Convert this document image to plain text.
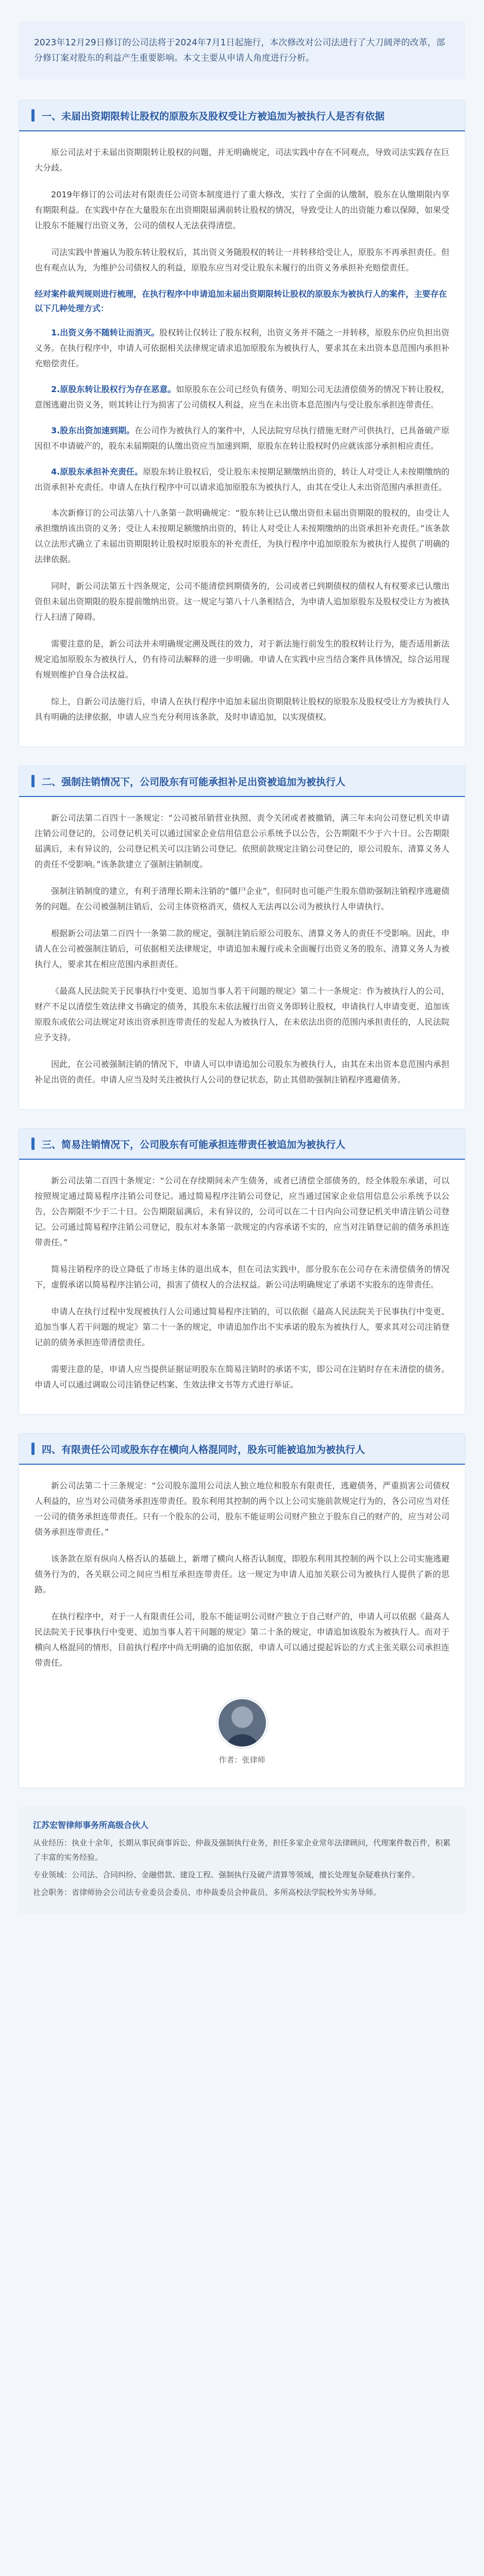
2023年12月29日修订的公司法将于2024年7月1日起施行，本次修改对公司法进行了大刀阔斧的改革，部分修订案对股东的利益产生重要影响。本文主要从申请人角度进行分析。
一、未届出资期限转让股权的原股东及股权受让方被追加为被执行人是否有依据

原公司法对于未届出资期限转让股权的问题，并无明确规定，司法实践中存在不同观点，导致司法实践存在巨大分歧。

2019年修订的公司法对有限责任公司资本制度进行了重大修改，实行了全面的认缴制，股东在认缴期限内享有期限利益。在实践中存在大量股东在出资期限届满前转让股权的情况，导致受让人的出资能力难以保障，如果受让股东不能履行出资义务，公司的债权人无法获得清偿。

司法实践中普遍认为股东转让股权后，其出资义务随股权的转让一并转移给受让人，原股东不再承担责任。但也有观点认为，为维护公司债权人的利益，原股东应当对受让股东未履行的出资义务承担补充赔偿责任。

经对案件裁判规则进行梳理，在执行程序中申请追加未届出资期限转让股权的原股东为被执行人的案件，主要存在以下几种处理方式：

1.出资义务不随转让而消灭。股权转让仅转让了股东权利，出资义务并不随之一并转移，原股东仍应负担出资义务。在执行程序中，申请人可依据相关法律规定请求追加原股东为被执行人，要求其在未出资本息范围内承担补充赔偿责任。

2.原股东转让股权行为存在恶意。如原股东在公司已经负有债务、明知公司无法清偿债务的情况下转让股权，意图逃避出资义务，则其转让行为损害了公司债权人利益，应当在未出资本息范围内与受让股东承担连带责任。

3.股东出资加速到期。在公司作为被执行人的案件中，人民法院穷尽执行措施无财产可供执行，已具备破产原因但不申请破产的，股东未届期限的认缴出资应当加速到期，原股东在转让股权时仍应就该部分承担相应责任。

4.原股东承担补充责任。原股东转让股权后，受让股东未按期足额缴纳出资的，转让人对受让人未按期缴纳的出资承担补充责任。申请人在执行程序中可以请求追加原股东为被执行人，由其在受让人未出资范围内承担责任。

本次新修订的公司法第八十八条第一款明确规定：“股东转让已认缴出资但未届出资期限的股权的，由受让人承担缴纳该出资的义务；受让人未按期足额缴纳出资的，转让人对受让人未按期缴纳的出资承担补充责任。”该条款以立法形式确立了未届出资期限转让股权时原股东的补充责任，为执行程序中追加原股东为被执行人提供了明确的法律依据。

同时，新公司法第五十四条规定，公司不能清偿到期债务的，公司或者已到期债权的债权人有权要求已认缴出资但未届出资期限的股东提前缴纳出资。这一规定与第八十八条相结合，为申请人追加原股东及股权受让方为被执行人扫清了障碍。

需要注意的是，新公司法并未明确规定溯及既往的效力，对于新法施行前发生的股权转让行为，能否适用新法规定追加原股东为被执行人，仍有待司法解释的进一步明确。申请人在实践中应当结合案件具体情况，综合运用现有规则维护自身合法权益。

综上，自新公司法施行后，申请人在执行程序中追加未届出资期限转让股权的原股东及股权受让方为被执行人具有明确的法律依据，申请人应当充分利用该条款，及时申请追加，以实现债权。

二、强制注销情况下，公司股东有可能承担补足出资被追加为被执行人

新公司法第二百四十一条规定：“公司被吊销营业执照、责令关闭或者被撤销，满三年未向公司登记机关申请注销公司登记的，公司登记机关可以通过国家企业信用信息公示系统予以公告，公告期限不少于六十日。公告期限届满后，未有异议的，公司登记机关可以注销公司登记。依照前款规定注销公司登记的，原公司股东、清算义务人的责任不受影响。”该条款建立了强制注销制度。

强制注销制度的建立，有利于清理长期未注销的“僵尸企业”，但同时也可能产生股东借助强制注销程序逃避债务的问题。在公司被强制注销后，公司主体资格消灭，债权人无法再以公司为被执行人申请执行。

根据新公司法第二百四十一条第二款的规定，强制注销后原公司股东、清算义务人的责任不受影响。因此，申请人在公司被强制注销后，可依据相关法律规定，申请追加未履行或未全面履行出资义务的股东、清算义务人为被执行人，要求其在相应范围内承担责任。

《最高人民法院关于民事执行中变更、追加当事人若干问题的规定》第二十一条规定：作为被执行人的公司，财产不足以清偿生效法律文书确定的债务，其股东未依法履行出资义务即转让股权，申请执行人申请变更、追加该原股东或依公司法规定对该出资承担连带责任的发起人为被执行人，在未依法出资的范围内承担责任的，人民法院应予支持。

因此，在公司被强制注销的情况下，申请人可以申请追加公司股东为被执行人，由其在未出资本息范围内承担补足出资的责任。申请人应当及时关注被执行人公司的登记状态，防止其借助强制注销程序逃避债务。

三、简易注销情况下，公司股东有可能承担连带责任被追加为被执行人

新公司法第二百四十条规定：“公司在存续期间未产生债务，或者已清偿全部债务的，经全体股东承诺，可以按照规定通过简易程序注销公司登记。通过简易程序注销公司登记，应当通过国家企业信用信息公示系统予以公告，公告期限不少于二十日。公告期限届满后，未有异议的，公司可以在二十日内向公司登记机关申请注销公司登记。公司通过简易程序注销公司登记，股东对本条第一款规定的内容承诺不实的，应当对注销登记前的债务承担连带责任。”

简易注销程序的设立降低了市场主体的退出成本，但在司法实践中，部分股东在公司存在未清偿债务的情况下，虚假承诺以简易程序注销公司，损害了债权人的合法权益。新公司法明确规定了承诺不实股东的连带责任。

申请人在执行过程中发现被执行人公司通过简易程序注销的，可以依据《最高人民法院关于民事执行中变更、追加当事人若干问题的规定》第二十一条的规定，申请追加作出不实承诺的股东为被执行人，要求其对公司注销登记前的债务承担连带清偿责任。

需要注意的是，申请人应当提供证据证明股东在简易注销时的承诺不实，即公司在注销时存在未清偿的债务。申请人可以通过调取公司注销登记档案、生效法律文书等方式进行举证。

四、有限责任公司或股东存在横向人格混同时，股东可能被追加为被执行人

新公司法第二十三条规定：“公司股东滥用公司法人独立地位和股东有限责任，逃避债务，严重损害公司债权人利益的，应当对公司债务承担连带责任。股东利用其控制的两个以上公司实施前款规定行为的，各公司应当对任一公司的债务承担连带责任。只有一个股东的公司，股东不能证明公司财产独立于股东自己的财产的，应当对公司债务承担连带责任。”

该条款在原有纵向人格否认的基础上，新增了横向人格否认制度，即股东利用其控制的两个以上公司实施逃避债务行为的，各关联公司之间应当相互承担连带责任。这一规定为申请人追加关联公司为被执行人提供了新的思路。

在执行程序中，对于一人有限责任公司，股东不能证明公司财产独立于自己财产的，申请人可以依据《最高人民法院关于民事执行中变更、追加当事人若干问题的规定》第二十条的规定，申请追加该股东为被执行人。而对于横向人格混同的情形，目前执行程序中尚无明确的追加依据，申请人可以通过提起诉讼的方式主张关联公司承担连带责任。

作者：张律师
江苏宏智律师事务所高级合伙人

从业经历：执业十余年，长期从事民商事诉讼、仲裁及强制执行业务，担任多家企业常年法律顾问，代理案件数百件，积累了丰富的实务经验。

专业领域：公司法、合同纠纷、金融借款、建设工程、强制执行及破产清算等领域，擅长处理复杂疑难执行案件。

社会职务：省律师协会公司法专业委员会委员、市仲裁委员会仲裁员、多所高校法学院校外实务导师。
